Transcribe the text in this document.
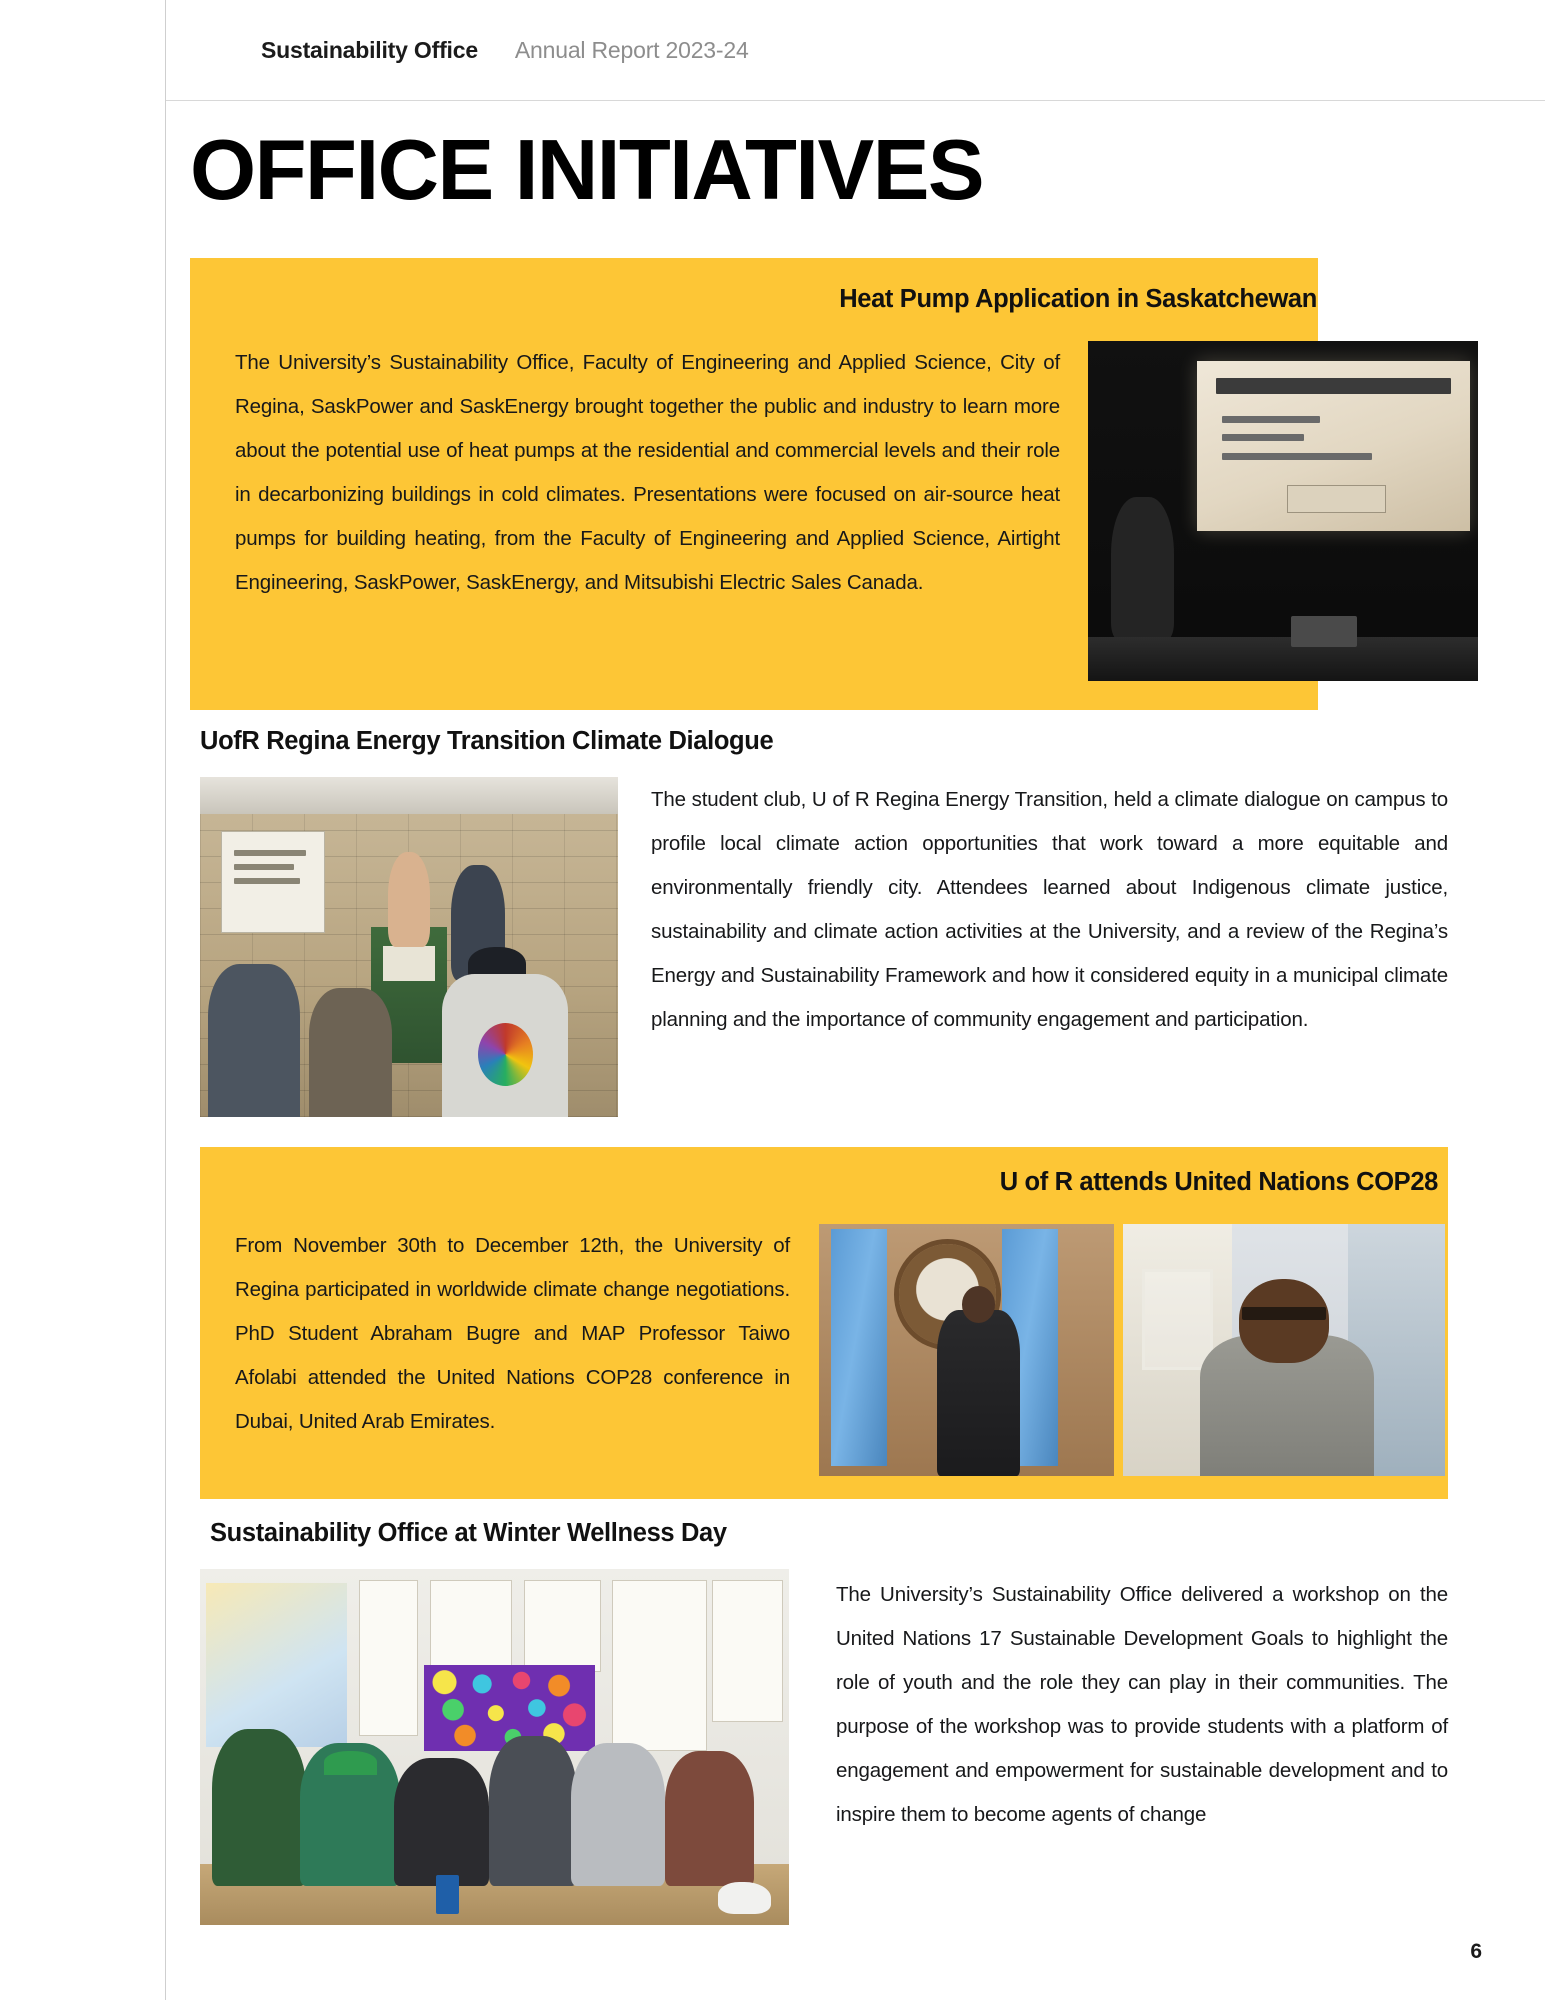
Sustainability Office Annual Report 2023-24
OFFICE INITIATIVES
Heat Pump Application in Saskatchewan

The University’s Sustainability Office, Faculty of Engineering and Applied Science, City of Regina, SaskPower and SaskEnergy brought together the public and industry to learn more about the potential use of heat pumps at the residential and commercial levels and their role in decarbonizing buildings in cold climates. Presentations were focused on air-source heat pumps for building heating, from the Faculty of Engineering and Applied Science, Airtight Engineering, SaskPower, SaskEnergy, and Mitsubishi Electric Sales Canada.

UofR Regina Energy Transition Climate Dialogue

The student club, U of R Regina Energy Transition, held a climate dialogue on campus to profile local climate action opportunities that work toward a more equitable and environmentally friendly city. Attendees learned about Indigenous climate justice, sustainability and climate action activities at the University, and a review of the Regina’s Energy and Sustainability Framework and how it considered equity in a municipal climate planning and the importance of community engagement and participation.

U of R attends United Nations COP28

From November 30th to December 12th, the University of Regina participated in worldwide climate change negotiations. PhD Student Abraham Bugre and MAP Professor Taiwo Afolabi attended the United Nations COP28 conference in Dubai, United Arab Emirates.

Sustainability Office at Winter Wellness Day

The University’s Sustainability Office delivered a workshop on the United Nations 17 Sustainable Development Goals to highlight the role of youth and the role they can play in their communities. The purpose of the workshop was to provide students with a platform of engagement and empowerment for sustainable development and to inspire them to become agents of change

6
